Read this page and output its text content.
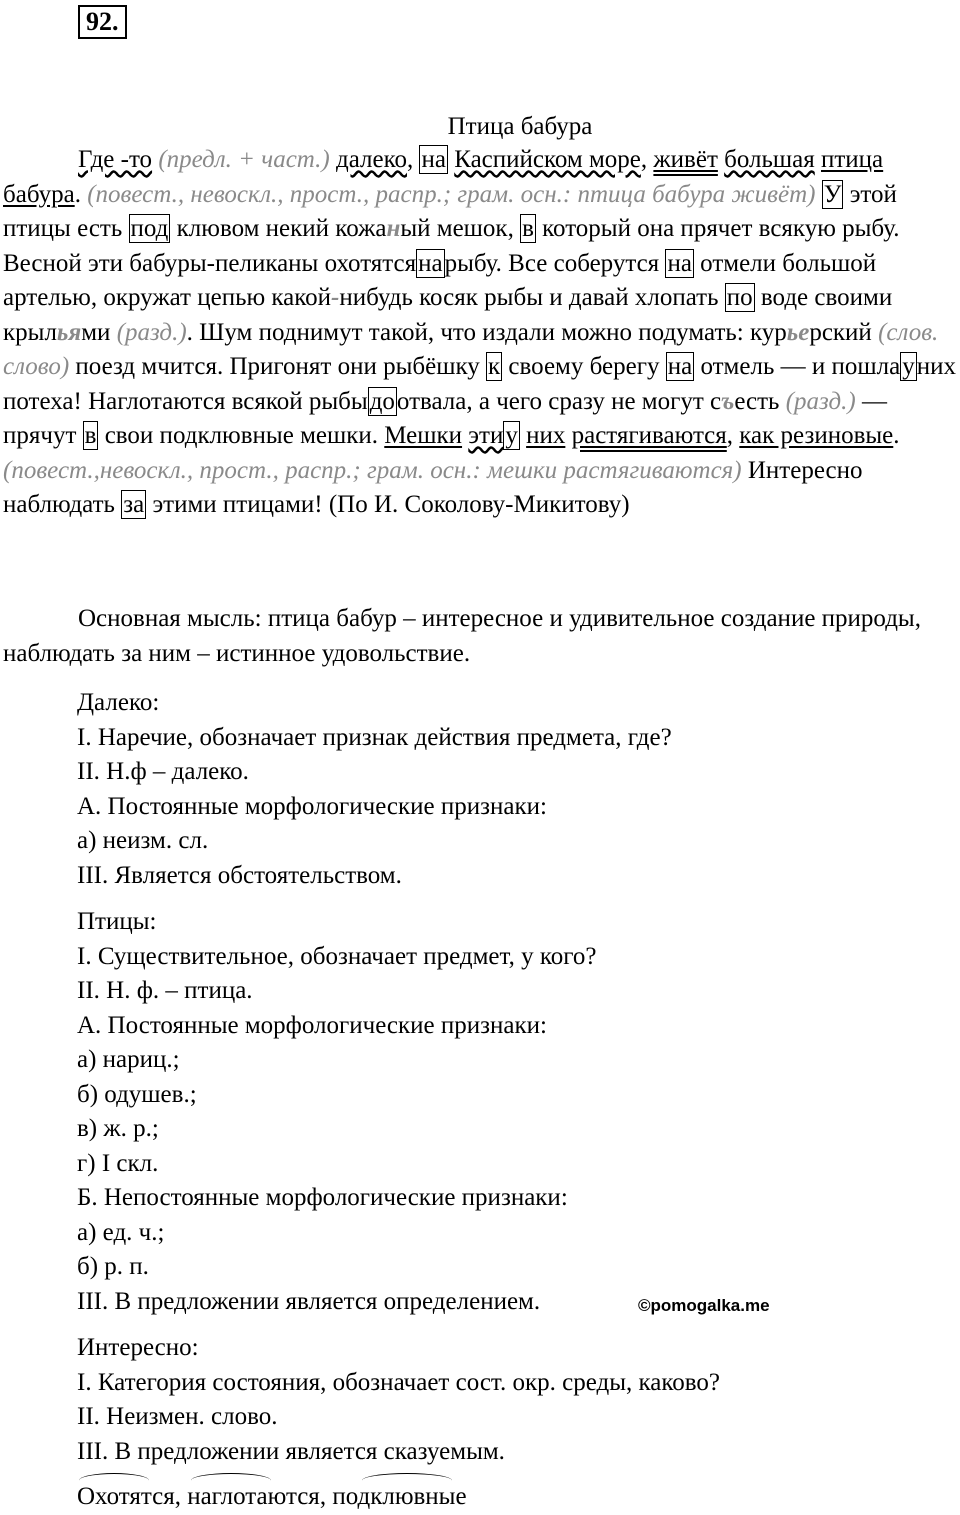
92.
Птица бабура
Где -то (предл. + част.) далеко, на Каспийском море, живёт большая птица бабура. (повест., невоскл., прост., распр.; грам. осн.: птица бабура живёт) У этой птицы есть под клювом некий кожаный мешок, в который она прячет всякую рыбу. Весной эти бабуры-пеликаны охотятсянарыбу. Все соберутся на отмели большой артелью, окружат цепью какой-нибудь косяк рыбы и давай хлопать по воде своими крыльями (разд.). Шум поднимут такой, что издали можно подумать: курьерский (слов. слово) поезд мчится. Пригонят они рыбёшку к своему берегу на отмель — и пошлауних потеха! Наглотаются всякой рыбыдоотвала, а чего сразу не могут съесть (разд.) — прячут в свои подклювные мешки. Мешки этиу них растягиваются, как резиновые. (повест.,невоскл., прост., распр.; грам. осн.: мешки растягиваются) Интересно наблюдать за этими птицами! (По И. Соколову-Микитову)
Основная мысль: птица бабур – интересное и удивительное создание природы, наблюдать за ним – истинное удовольствие.
Далеко:
I. Наречие, обозначает признак действия предмета, где?
II. Н.ф – далеко.
А. Постоянные морфологические признаки:
а) неизм. сл.
III. Является обстоятельством.
Птицы:
I. Существительное, обозначает предмет, у кого?
II. Н. ф. – птица.
А. Постоянные морфологические признаки:
а) нариц.;
б) одушев.;
в) ж. р.;
г) I скл.
Б. Непостоянные морфологические признаки:
а) ед. ч.;
б) р. п.
III. В предложении является определением.
Интересно:
I. Категория состояния, обозначает сост. окр. среды, каково?
II. Неизмен. слово.
III. В предложении является сказуемым.
©pomogalka.me
Охотятся,
наглотаются,
подклювные
